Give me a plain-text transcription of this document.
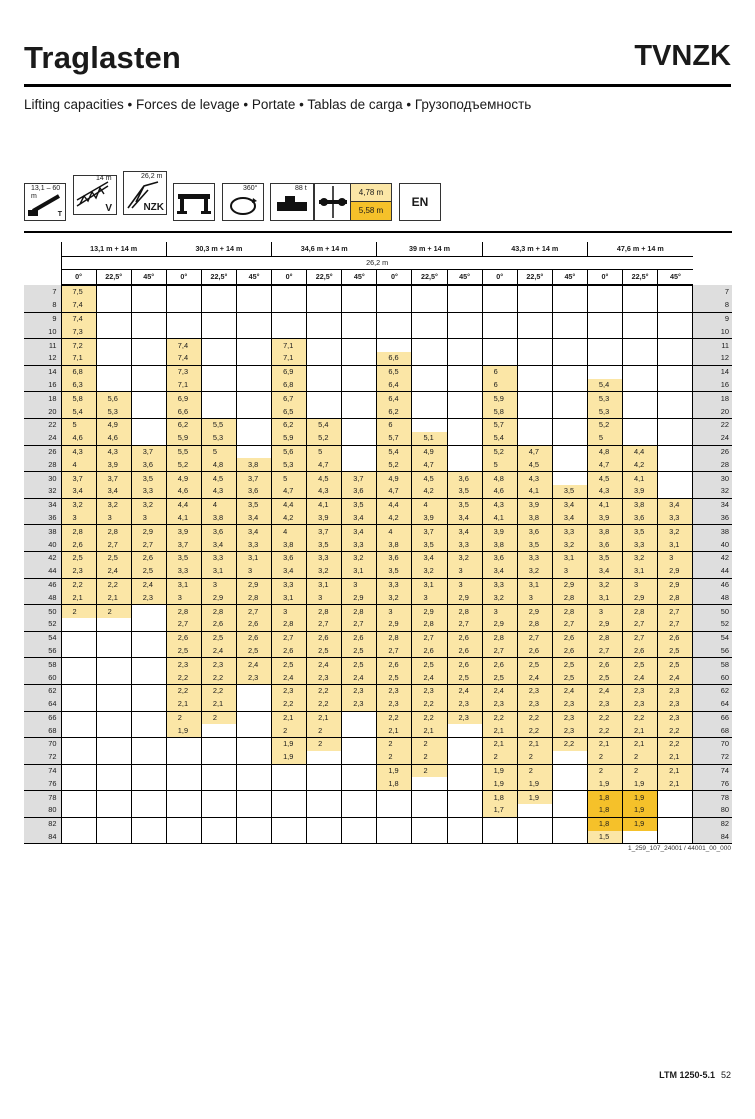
Traglasten	TVNZK
Lifting capacities • Forces de levage • Portate • Tablas de carga • Грузоподъемность
13,1 – 60 m
T
14 m
V
26,2 m
NZK
360°	88 t	4,78 m
5,58 m
EN
	13,1 m + 14 m			30,3 m + 14 m			34,6 m + 14 m			39 m + 14 m			43,3 m + 14 m			47,6 m + 14 m			
	26,2 m																		
	0°	22,5°	45°	0°	22,5°	45°	0°	22,5°	45°	0°	22,5°	45°	0°	22,5°	45°	0°	22,5°	45°	
7	7,5																		7
8	7,4																		8
9	7,4																		9
10	7,3																		10
11	7,2			7,4			7,1												11
12	7,1			7,4			7,1			6,6									12
14	6,8			7,3			6,9			6,5			6						14
16	6,3			7,1			6,8			6,4			6			5,4			16
18	5,8	5,6		6,9			6,7			6,4			5,9			5,3			18
20	5,4	5,3		6,6			6,5			6,2			5,8			5,3			20
22	5	4,9		6,2	5,5		6,2	5,4		6			5,7			5,2			22
24	4,6	4,6		5,9	5,3		5,9	5,2		5,7	5,1		5,4			5			24
26	4,3	4,3	3,7	5,5	5		5,6	5		5,4	4,9		5,2	4,7		4,8	4,4		26
28	4	3,9	3,6	5,2	4,8	3,8	5,3	4,7		5,2	4,7		5	4,5		4,7	4,2		28
30	3,7	3,7	3,5	4,9	4,5	3,7	5	4,5	3,7	4,9	4,5	3,6	4,8	4,3		4,5	4,1		30
32	3,4	3,4	3,3	4,6	4,3	3,6	4,7	4,3	3,6	4,7	4,2	3,5	4,6	4,1	3,5	4,3	3,9		32
34	3,2	3,2	3,2	4,4	4	3,5	4,4	4,1	3,5	4,4	4	3,5	4,3	3,9	3,4	4,1	3,8	3,4	34
36	3	3	3	4,1	3,8	3,4	4,2	3,9	3,4	4,2	3,9	3,4	4,1	3,8	3,4	3,9	3,6	3,3	36
38	2,8	2,8	2,9	3,9	3,6	3,4	4	3,7	3,4	4	3,7	3,4	3,9	3,6	3,3	3,8	3,5	3,2	38
40	2,6	2,7	2,7	3,7	3,4	3,3	3,8	3,5	3,3	3,8	3,5	3,3	3,8	3,5	3,2	3,6	3,3	3,1	40
42	2,5	2,5	2,6	3,5	3,3	3,1	3,6	3,3	3,2	3,6	3,4	3,2	3,6	3,3	3,1	3,5	3,2	3	42
44	2,3	2,4	2,5	3,3	3,1	3	3,4	3,2	3,1	3,5	3,2	3	3,4	3,2	3	3,4	3,1	2,9	44
46	2,2	2,2	2,4	3,1	3	2,9	3,3	3,1	3	3,3	3,1	3	3,3	3,1	2,9	3,2	3	2,9	46
48	2,1	2,1	2,3	3	2,9	2,8	3,1	3	2,9	3,2	3	2,9	3,2	3	2,8	3,1	2,9	2,8	48
50	2	2		2,8	2,8	2,7	3	2,8	2,8	3	2,9	2,8	3	2,9	2,8	3	2,8	2,7	50
52				2,7	2,6	2,6	2,8	2,7	2,7	2,9	2,8	2,7	2,9	2,8	2,7	2,9	2,7	2,7	52
54				2,6	2,5	2,6	2,7	2,6	2,6	2,8	2,7	2,6	2,8	2,7	2,6	2,8	2,7	2,6	54
56				2,5	2,4	2,5	2,6	2,5	2,5	2,7	2,6	2,6	2,7	2,6	2,6	2,7	2,6	2,5	56
58				2,3	2,3	2,4	2,5	2,4	2,5	2,6	2,5	2,6	2,6	2,5	2,5	2,6	2,5	2,5	58
60				2,2	2,2	2,3	2,4	2,3	2,4	2,5	2,4	2,5	2,5	2,4	2,5	2,5	2,4	2,4	60
62				2,2	2,2		2,3	2,2	2,3	2,3	2,3	2,4	2,4	2,3	2,4	2,4	2,3	2,3	62
64				2,1	2,1		2,2	2,2	2,3	2,3	2,2	2,3	2,3	2,3	2,3	2,3	2,3	2,3	64
66				2	2		2,1	2,1		2,2	2,2	2,3	2,2	2,2	2,3	2,2	2,2	2,3	66
68				1,9			2	2		2,1	2,1		2,1	2,2	2,3	2,2	2,1	2,2	68
70							1,9	2		2	2		2,1	2,1	2,2	2,1	2,1	2,2	70
72							1,9			2	2		2	2		2	2	2,1	72
74										1,9	2		1,9	2		2	2	2,1	74
76										1,8			1,9	1,9		1,9	1,9	2,1	76
78													1,8	1,9		1,8	1,9		78
80													1,7			1,8	1,9		80
82																1,8	1,9		82
84																1,5			84
1_259_107_24001 / 44001_00_000
LTM 1250-5.1 52
